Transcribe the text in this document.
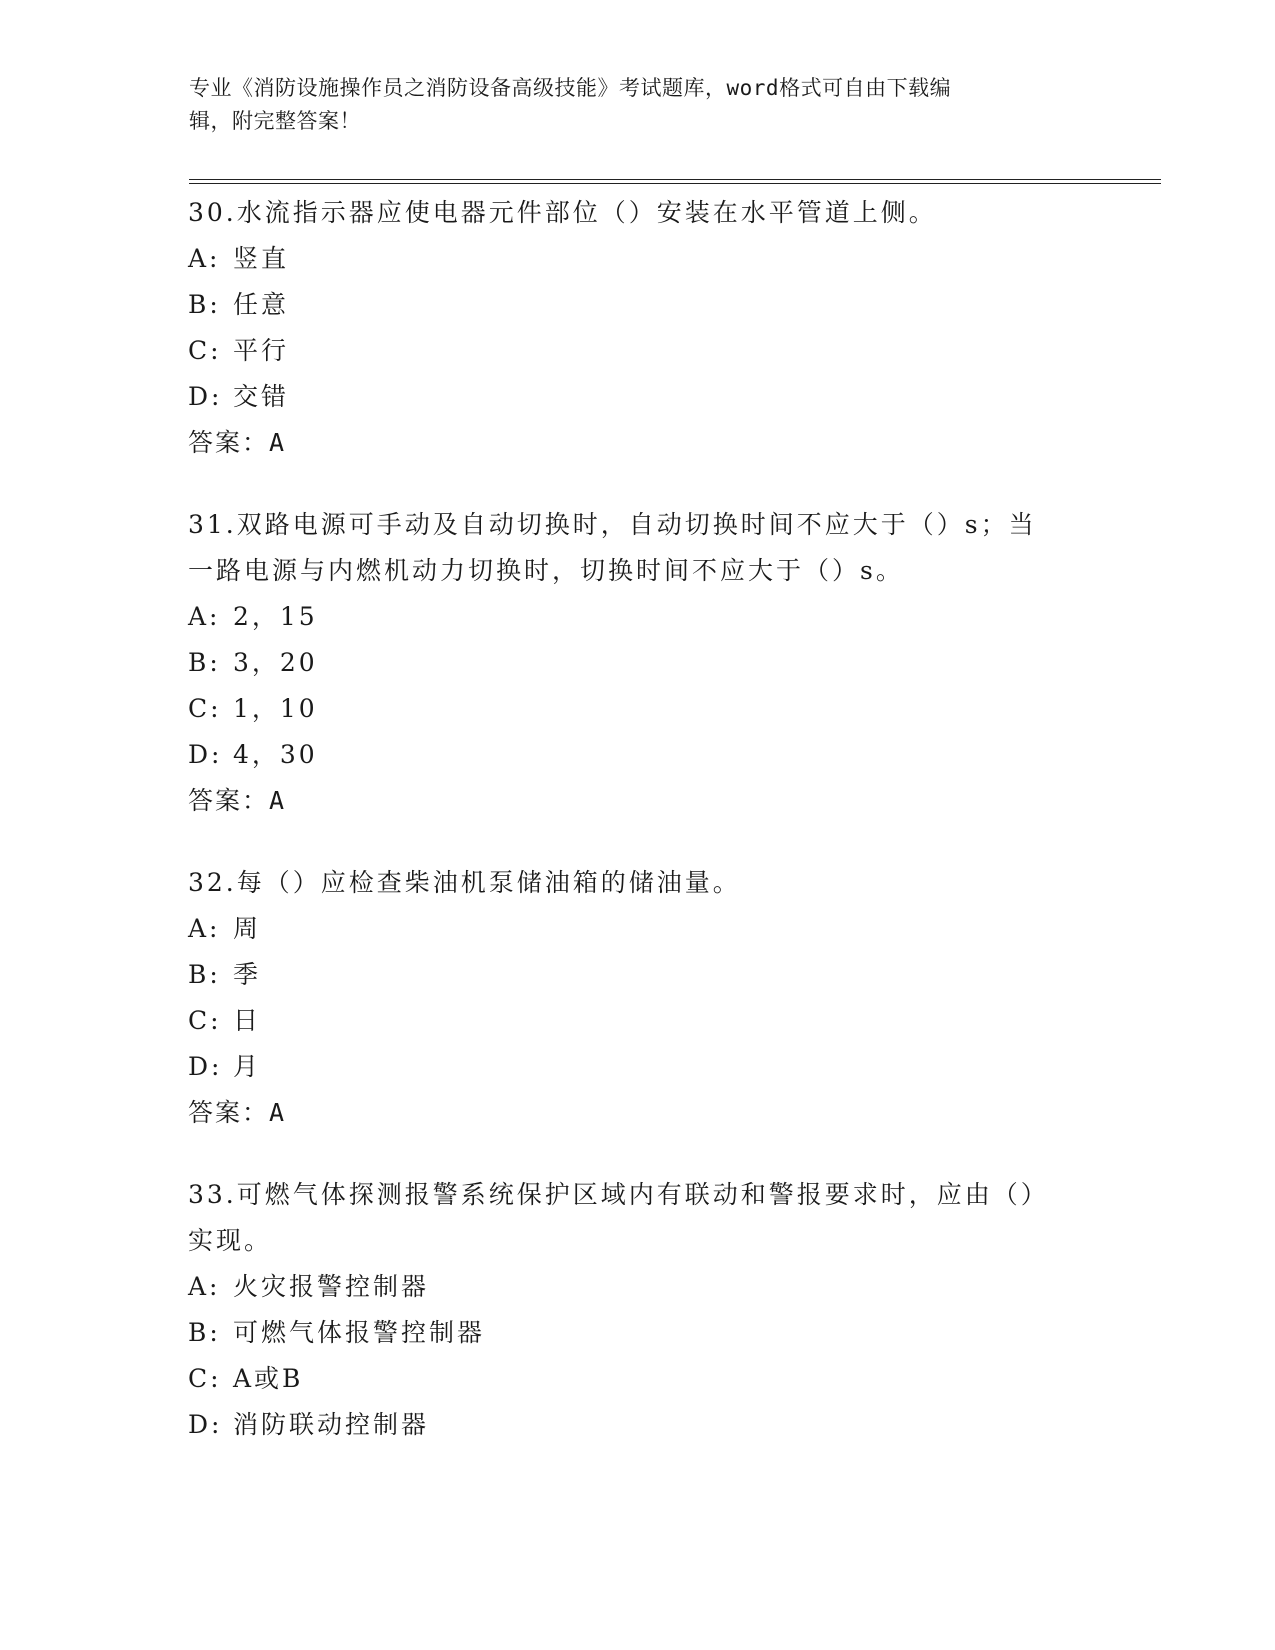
专业《消防设施操作员之消防设备高级技能》考试题库，word格式可自由下载编
辑，附完整答案！

30.水流指示器应使电器元件部位（）安装在水平管道上侧。

A: 竖直
B: 任意
C: 平行
D: 交错

答案：A

31.双路电源可手动及自动切换时，自动切换时间不应大于（）s；当

一路电源与内燃机动力切换时，切换时间不应大于（）s。

A: 2，15
B: 3，20
C: 1，10
D: 4，30

答案：A

32.每（）应检查柴油机泵储油箱的储油量。

A: 周
B: 季
C: 日
D: 月

答案：A

33.可燃气体探测报警系统保护区域内有联动和警报要求时，应由（）

实现。

A: 火灾报警控制器
B: 可燃气体报警控制器
C: A或B
D: 消防联动控制器
